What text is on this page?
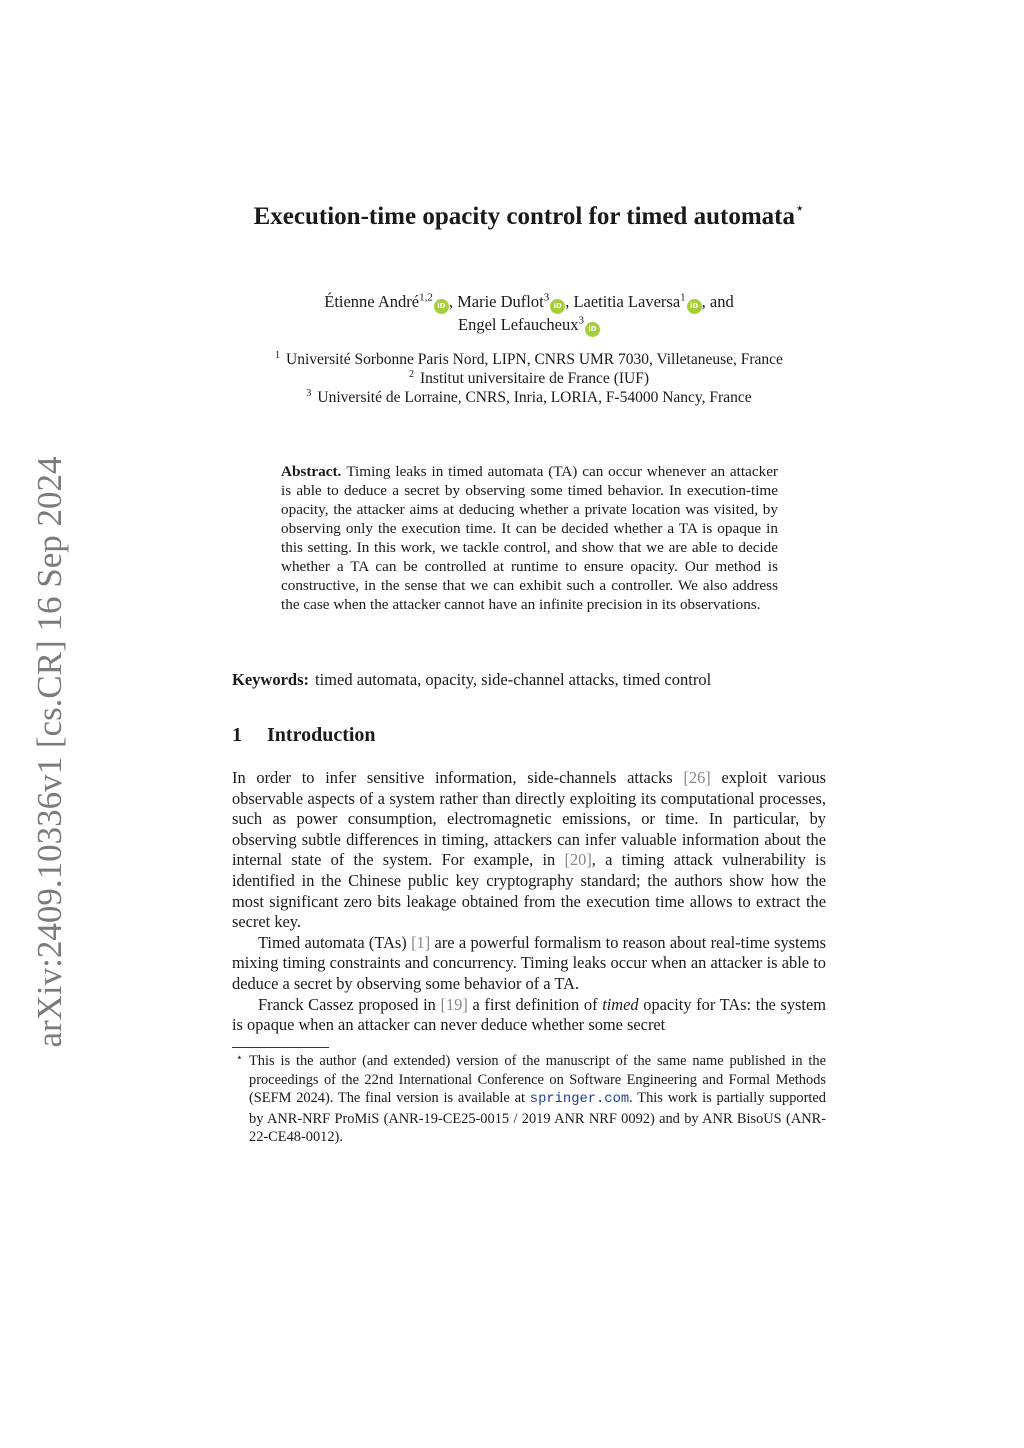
arXiv:2409.10336v1 [cs.CR] 16 Sep 2024
Execution-time opacity control for timed automata⋆
Étienne André$^{1,2}$iD , Marie Duflot$^3$iD , Laetitia Laversa$^1$iD , and
Engel Lefaucheux$^3$iD
$^1$ Université Sorbonne Paris Nord, LIPN, CNRS UMR 7030, Villetaneuse, France
$^2$ Institut universitaire de France (IUF)
$^3$ Université de Lorraine, CNRS, Inria, LORIA, F-54000 Nancy, France
Abstract. Timing leaks in timed automata (TA) can occur whenever an attacker is able to deduce a secret by observing some timed behavior. In execution-time opacity, the attacker aims at deducing whether a private location was visited, by observing only the execution time. It can be decided whether a TA is opaque in this setting. In this work, we tackle control, and show that we are able to decide whether a TA can be controlled at runtime to ensure opacity. Our method is constructive, in the sense that we can exhibit such a controller. We also address the case when the attacker cannot have an infinite precision in its observations.
Keywords: timed automata, opacity, side-channel attacks, timed control
1 Introduction

In order to infer sensitive information, side-channels attacks [26] exploit various observable aspects of a system rather than directly exploiting its computational processes, such as power consumption, electromagnetic emissions, or time. In particular, by observing subtle differences in timing, attackers can infer valuable information about the internal state of the system. For example, in [20], a timing attack vulnerability is identified in the Chinese public key cryptography standard; the authors show how the most significant zero bits leakage obtained from the execution time allows to extract the secret key.

Timed automata (TAs) [1] are a powerful formalism to reason about real-time systems mixing timing constraints and concurrency. Timing leaks occur when an attacker is able to deduce a secret by observing some behavior of a TA.

Franck Cassez proposed in [19] a first definition of timed opacity for TAs: the system is opaque when an attacker can never deduce whether some secret

⋆ This is the author (and extended) version of the manuscript of the same name published in the proceedings of the 22nd International Conference on Software Engineering and Formal Methods (SEFM 2024). The final version is available at springer.com. This work is partially supported by ANR-NRF ProMiS (ANR-19-CE25-0015 / 2019 ANR NRF 0092) and by ANR BisoUS (ANR-22-CE48-0012).
